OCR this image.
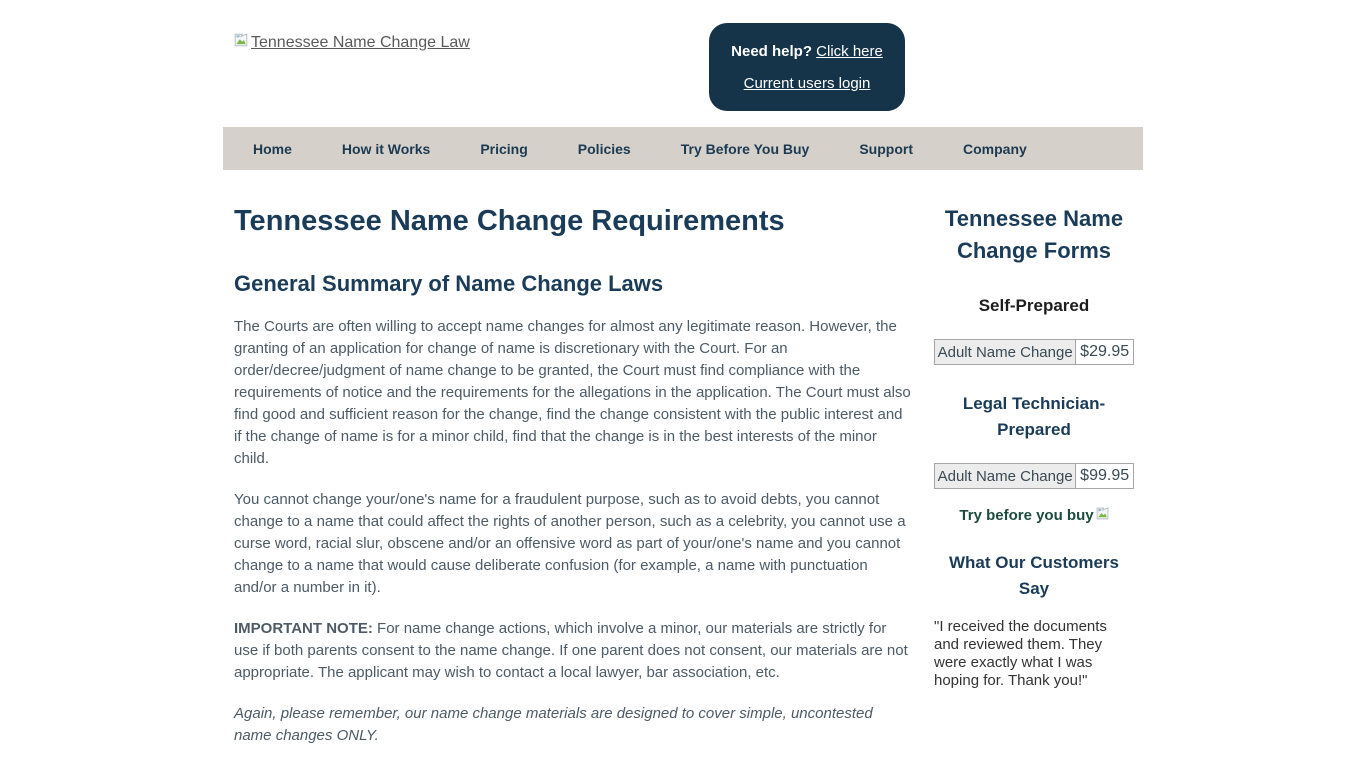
Tennessee Name Change Law
Need help? Click here
Current users login
Home	How it Works	Pricing	Policies	Try Before You Buy	Support	Company
Tennessee Name Change Requirements
General Summary of Name Change Laws

The Courts are often willing to accept name changes for almost any legitimate reason. However, the granting of an application for change of name is discretionary with the Court. For an order/decree/judgment of name change to be granted, the Court must find compliance with the requirements of notice and the requirements for the allegations in the application. The Court must also find good and sufficient reason for the change, find the change consistent with the public interest and if the change of name is for a minor child, find that the change is in the best interests of the minor child.

You cannot change your/one's name for a fraudulent purpose, such as to avoid debts, you cannot change to a name that could affect the rights of another person, such as a celebrity, you cannot use a curse word, racial slur, obscene and/or an offensive word as part of your/one's name and you cannot change to a name that would cause deliberate confusion (for example, a name with punctuation and/or a number in it).

IMPORTANT NOTE: For name change actions, which involve a minor, our materials are strictly for use if both parents consent to the name change. If one parent does not consent, our materials are not appropriate. The applicant may wish to contact a local lawyer, bar association, etc.

Again, please remember, our name change materials are designed to cover simple, uncontested name changes ONLY.

Tennessee Name Change Forms
Self-Prepared
Adult Name Change	$29.95
Legal Technician-Prepared
Adult Name Change	$99.95
Try before you buy
What Our Customers Say

"I received the documents and reviewed them. They were exactly what I was hoping for. Thank you!"
